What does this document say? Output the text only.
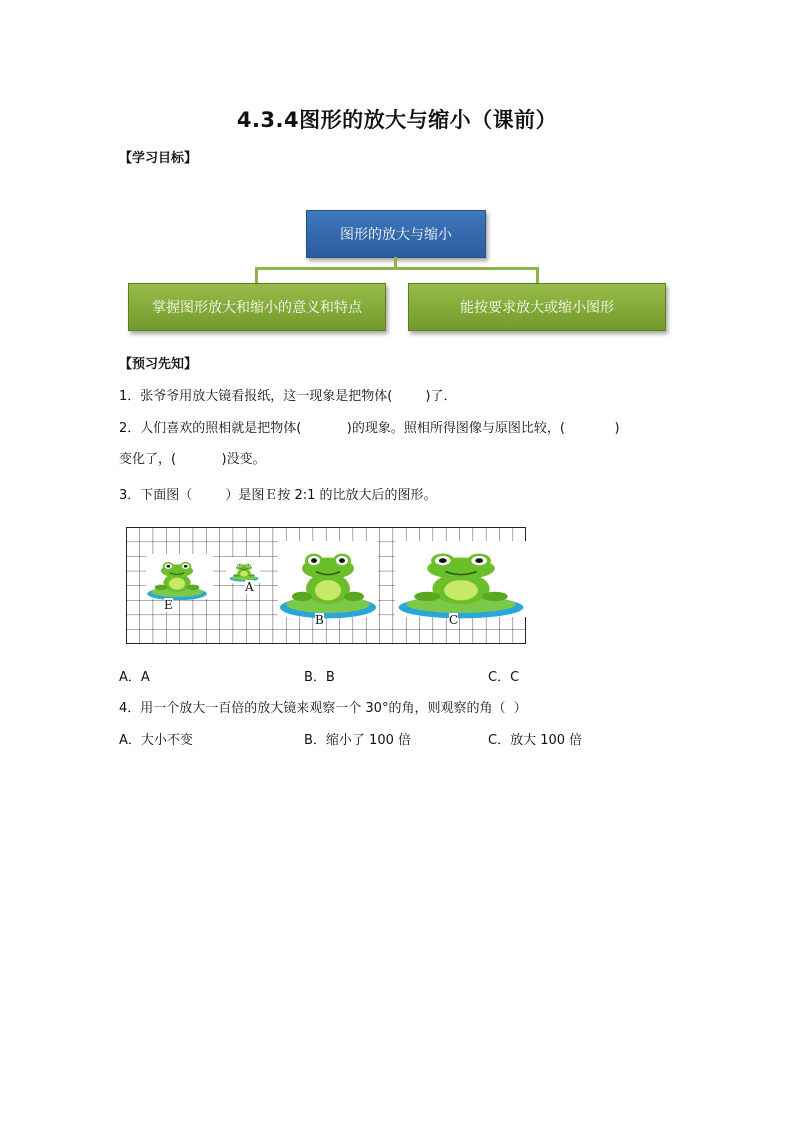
4.3.4图形的放大与缩小（课前）
【学习目标】
图形的放大与缩小
掌握图形放大和缩小的意义和特点	能按要求放大或缩小图形
【预习先知】
1．张爷爷用放大镜看报纸，这一现象是把物体(        )了．
2．人们喜欢的照相就是把物体(           )的现象。照相所得图像与原图比较，(            )
变化了，(           )没变。
3．下面图（        ）是图Ｅ按 2:1 的比放大后的图形。
E
A
B	C
A．A	B．B	C．C
4．用一个放大一百倍的放大镜来观察一个 30°的角，则观察的角（  ）
A．大小不变	B．缩小了 100 倍	C．放大 100 倍
